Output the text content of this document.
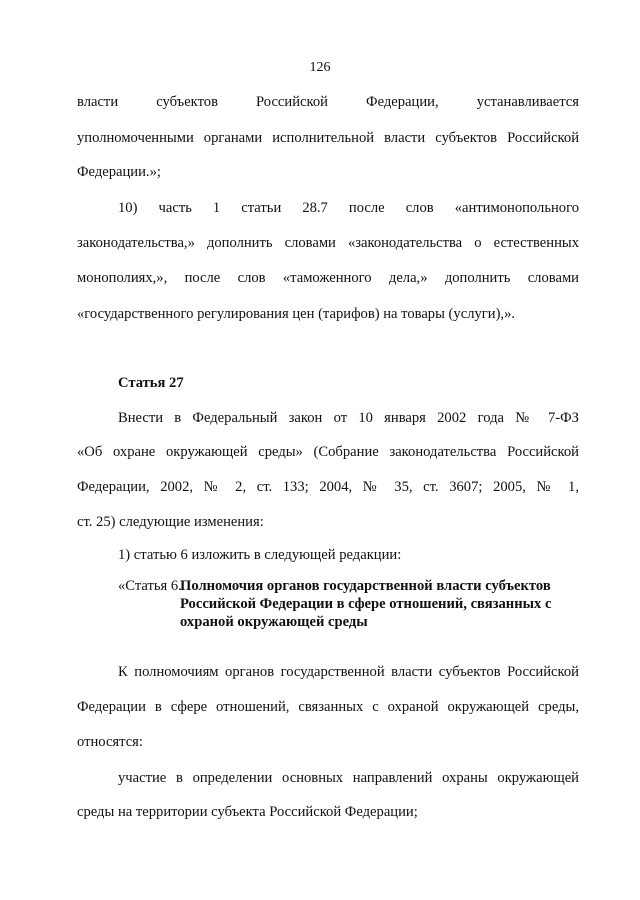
126
власти субъектов Российской Федерации, устанавливается
уполномоченными органами исполнительной власти субъектов Российской
Федерации.»;
10) часть 1 статьи 28.7 после слов «антимонопольного
законодательства,» дополнить словами «законодательства о естественных
монополиях,», после слов «таможенного дела,» дополнить словами
«государственного регулирования цен (тарифов) на товары (услуги),».
Статья 27
Внести в Федеральный закон от 10 января 2002 года № 7-ФЗ
«Об охране окружающей среды» (Собрание законодательства Российской
Федерации, 2002, № 2, ст. 133; 2004, № 35, ст. 3607; 2005, № 1,
ст. 25) следующие изменения:
1) статью 6 изложить в следующей редакции:
«Статья 6.
Полномочия органов государственной власти субъектов
Российской Федерации в сфере отношений, связанных с
охраной окружающей среды
К полномочиям органов государственной власти субъектов Российской
Федерации в сфере отношений, связанных с охраной окружающей среды,
относятся:
участие в определении основных направлений охраны окружающей
среды на территории субъекта Российской Федерации;
